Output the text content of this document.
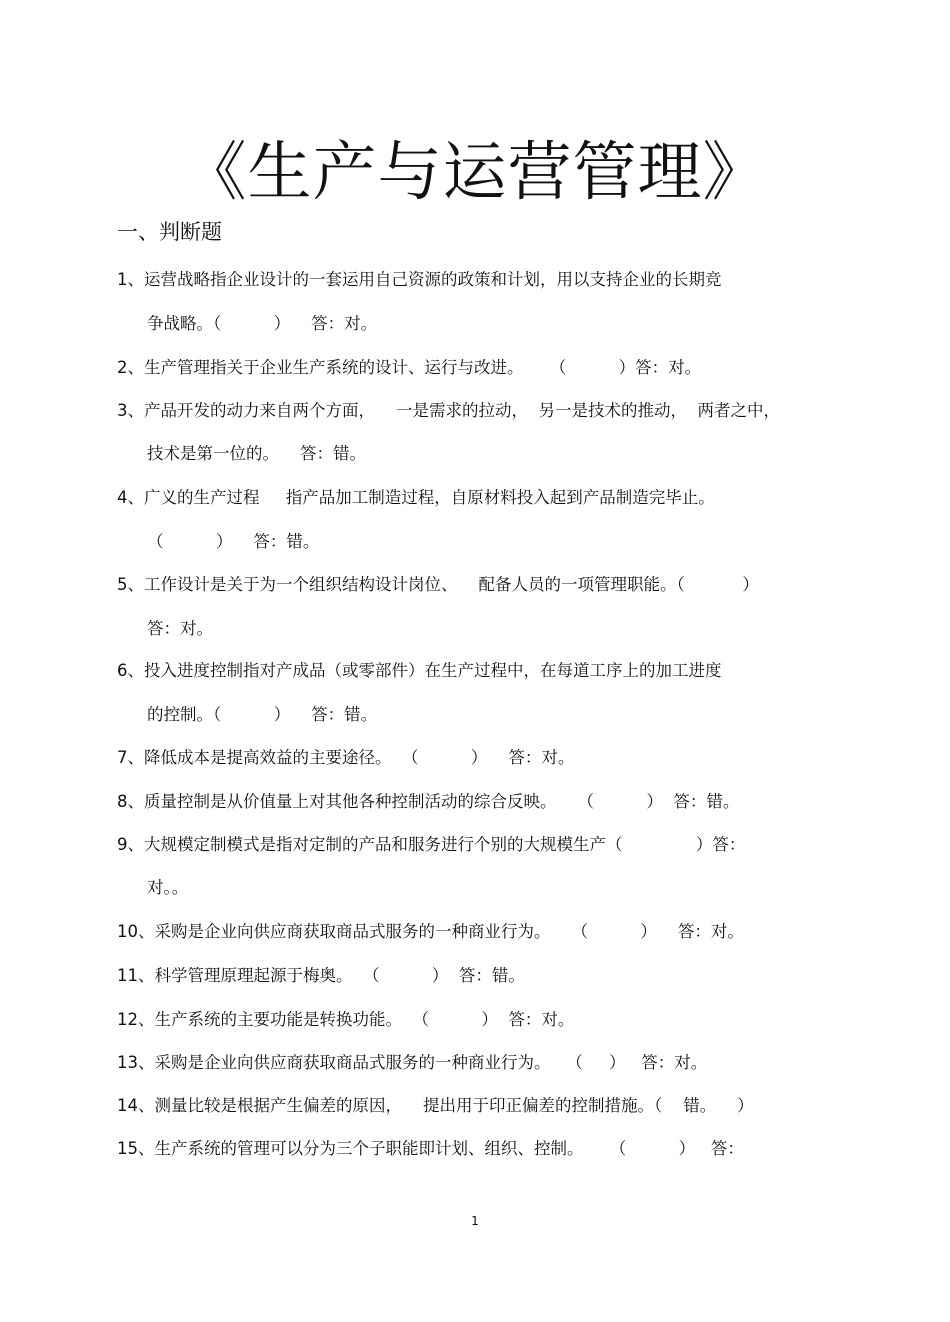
《生产与运营管理》
一、判断题
1、运营战略指企业设计的一套运用自己资源的政策和计划，用以支持企业的长期竞
争战略。（          ）    答：对。
2、生产管理指关于企业生产系统的设计、运行与改进。     （          ）答：对。
3、产品开发的动力来自两个方面，    一是需求的拉动，  另一是技术的推动，  两者之中，
技术是第一位的。    答：错。
4、广义的生产过程     指产品加工制造过程，自原材料投入起到产品制造完毕止。
（          ）    答：错。
5、工作设计是关于为一个组织结构设计岗位、    配备人员的一项管理职能。（           ）
答：对。
6、投入进度控制指对产成品（或零部件）在生产过程中，在每道工序上的加工进度
的控制。（          ）    答：错。
7、降低成本是提高效益的主要途径。  （          ）    答：对。
8、质量控制是从价值量上对其他各种控制活动的综合反映。    （          ）  答：错。
9、大规模定制模式是指对定制的产品和服务进行个别的大规模生产（              ）答：
对。。
10、采购是企业向供应商获取商品式服务的一种商业行为。    （          ）    答：对。
11、科学管理原理起源于梅奥。  （          ）  答：错。
12、生产系统的主要功能是转换功能。  （          ）  答：对。
13、采购是企业向供应商获取商品式服务的一种商业行为。   （     ）   答：对。
14、测量比较是根据产生偏差的原因，    提出用于印正偏差的控制措施。（    错。    ）
15、生产系统的管理可以分为三个子职能即计划、组织、控制。     （          ）   答：
1
